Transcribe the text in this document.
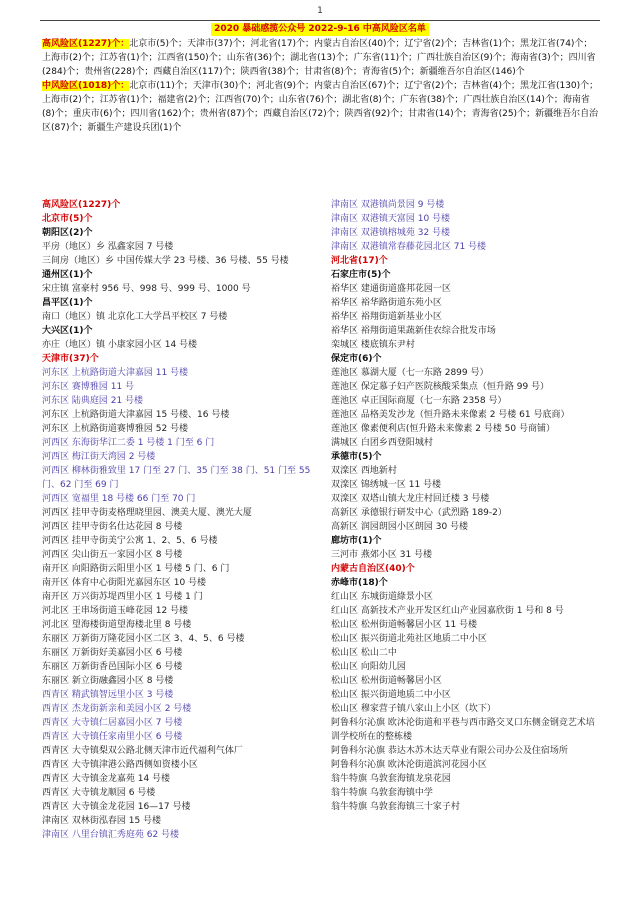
1
2020 暴础感揽公众号 2022-9-16 中高风险区名单

高风险区(1227)个：北京市(5)个；天津市(37)个；河北省(17)个；内蒙古自治区(40)个；辽宁省(2)个；吉林省(1)个；黑龙江省(74)个；上海市(2)个；江苏省(1)个；江西省(150)个；山东省(36)个；湖北省(13)个；广东省(11)个；广西壮族自治区(9)个；海南省(3)个；四川省(284)个；贵州省(228)个；西藏自治区(117)个；陕西省(38)个；甘肃省(8)个；青海省(5)个；新疆维吾尔自治区(146)个

中风险区(1018)个：北京市(11)个；天津市(30)个；河北省(9)个；内蒙古自治区(67)个；辽宁省(2)个；吉林省(4)个；黑龙江省(130)个；上海市(2)个；江苏省(1)个；福建省(2)个；江西省(70)个；山东省(76)个；湖北省(8)个；广东省(38)个；广西壮族自治区(14)个；海南省(8)个；重庆市(6)个；四川省(162)个；贵州省(87)个；西藏自治区(72)个；陕西省(92)个；甘肃省(14)个；青海省(25)个；新疆维吾尔自治区(87)个；新疆生产建设兵团(1)个

高风险区(1227)个
北京市(5)个
朝阳区(2)个
平房（地区）乡 泓鑫家园 7 号楼
三间房（地区）乡 中国传媒大学 23 号楼、36 号楼、55 号楼
通州区(1)个
宋庄镇 富豪村 956 号、998 号、999 号、1000 号
昌平区(1)个
南口（地区）镇 北京化工大学昌平校区 7 号楼
大兴区(1)个
亦庄（地区）镇 小康家园小区 14 号楼
天津市(37)个
河东区 上杭路街道大津嘉园 11 号楼
河东区 赛博雅园 11 号
河东区 陆典庭园 21 号楼
河东区 上杭路街道大津嘉园 15 号楼、16 号楼
河东区 上杭路街道赛博雅园 52 号楼
河西区 东海街华江二委 1 号楼 1 门至 6 门
河西区 梅江街天湾园 2 号楼
河西区 柳林街雅致里 17 门至 27 门、35 门至 38 门、51 门至 55 门、62 门至 69 门
河西区 宽福里 18 号楼 66 门至 70 门
河西区 挂甲寺街麦格理晓里园、澳美大厦、澳光大厦
河西区 挂甲寺街名仕达花园 8 号楼
河西区 挂甲寺街美宁公寓 1、2、5、6 号楼
河西区 尖山街五一家园小区 8 号楼
南开区 向阳路街云阳里小区 1 号楼 5 门、6 门
南开区 体育中心街阳光嘉园东区 10 号楼
南开区 万兴街苏堤西里小区 1 号楼 1 门
河北区 王串场街道玉峰花园 12 号楼
河北区 望海楼街道望海楼北里 8 号楼
东丽区 万新街万隆花园小区二区 3、4、5、6 号楼
东丽区 万新街好美嘉园小区 6 号楼
东丽区 万新街香邑国际小区 6 号楼
东丽区 新立街融鑫园小区 8 号楼
西青区 精武镇智远里小区 3 号楼
西青区 杰龙街新亲和美园小区 2 号楼
西青区 大寺镇仁居嘉园小区 7 号楼
西青区 大寺镇任家南里小区 6 号楼
西青区 大寺镇梨双公路北侧天津市近代福利气体厂
西青区 大寺镇津港公路西侧如资楼小区
西青区 大寺镇金龙嘉苑 14 号楼
西青区 大寺镇龙顺园 6 号楼
西青区 大寺镇金龙花园 16—17 号楼
津南区 双林街泓春园 15 号楼
津南区 八里台镇汇秀庭苑 62 号楼
津南区 双港镇尚景园 9 号楼
津南区 双港镇天富园 10 号楼
津南区 双港镇榕城苑 32 号楼
津南区 双港镇常春藤花园北区 71 号楼
河北省(17)个
石家庄市(5)个
裕华区 建通街道盛邦花园一区
裕华区 裕华路街道东苑小区
裕华区 裕翔街道新基业小区
裕华区 裕翔街道果蔬新佳农综合批发市场
栾城区 楼底镇东尹村
保定市(6)个
莲池区 慕湖大厦（七一东路 2899 号）
莲池区 保定慕子妇产医院核酸采集点（恒升路 99 号）
莲池区 卓正国际商厦（七一东路 2358 号）
莲池区 品格美发沙龙（恒升路未来像素 2 号楼 61 号底商）
莲池区 像素便利店(恒升路未来像素 2 号楼 50 号商铺）
满城区 白团乡西登阳城村
承德市(5)个
双滦区 西地新村
双滦区 锦绣城一区 11 号楼
双滦区 双塔山镇大龙庄村回迁楼 3 号楼
高新区 承德银行研发中心（武烈路 189-2）
高新区 润园朗园小区朗园 30 号楼
廊坊市(1)个
三河市 燕郊小区 31 号楼
内蒙古自治区(40)个
赤峰市(18)个
红山区 东城街道綠景小区
红山区 高新技术产业开发区红山产业园嘉欣街 1 号和 8 号
松山区 松州街道畅馨居小区 11 号楼
松山区 振兴街道北苑社区地质二中小区
松山区 松山二中
松山区 向阳幼儿园
松山区 松州街道畅馨居小区
松山区 振兴街道地质二中小区
松山区 穆家营子镇八家山上小区（坎下）
阿鲁科尔沁旗 欧沐沦街道和平巷与西市路交叉口东侧金钢竞艺术培训学校所在的整栋楼
阿鲁科尔沁旗 恭达木苏木达天草业有限公司办公及住宿场所
阿鲁科尔沁旗 欧沐沦街道滨河花园小区
翁牛特旗 乌敦套海镇龙泉花园
翁牛特旗 乌敦套海镇中学
翁牛特旗 乌敦套海镇三十家子村
